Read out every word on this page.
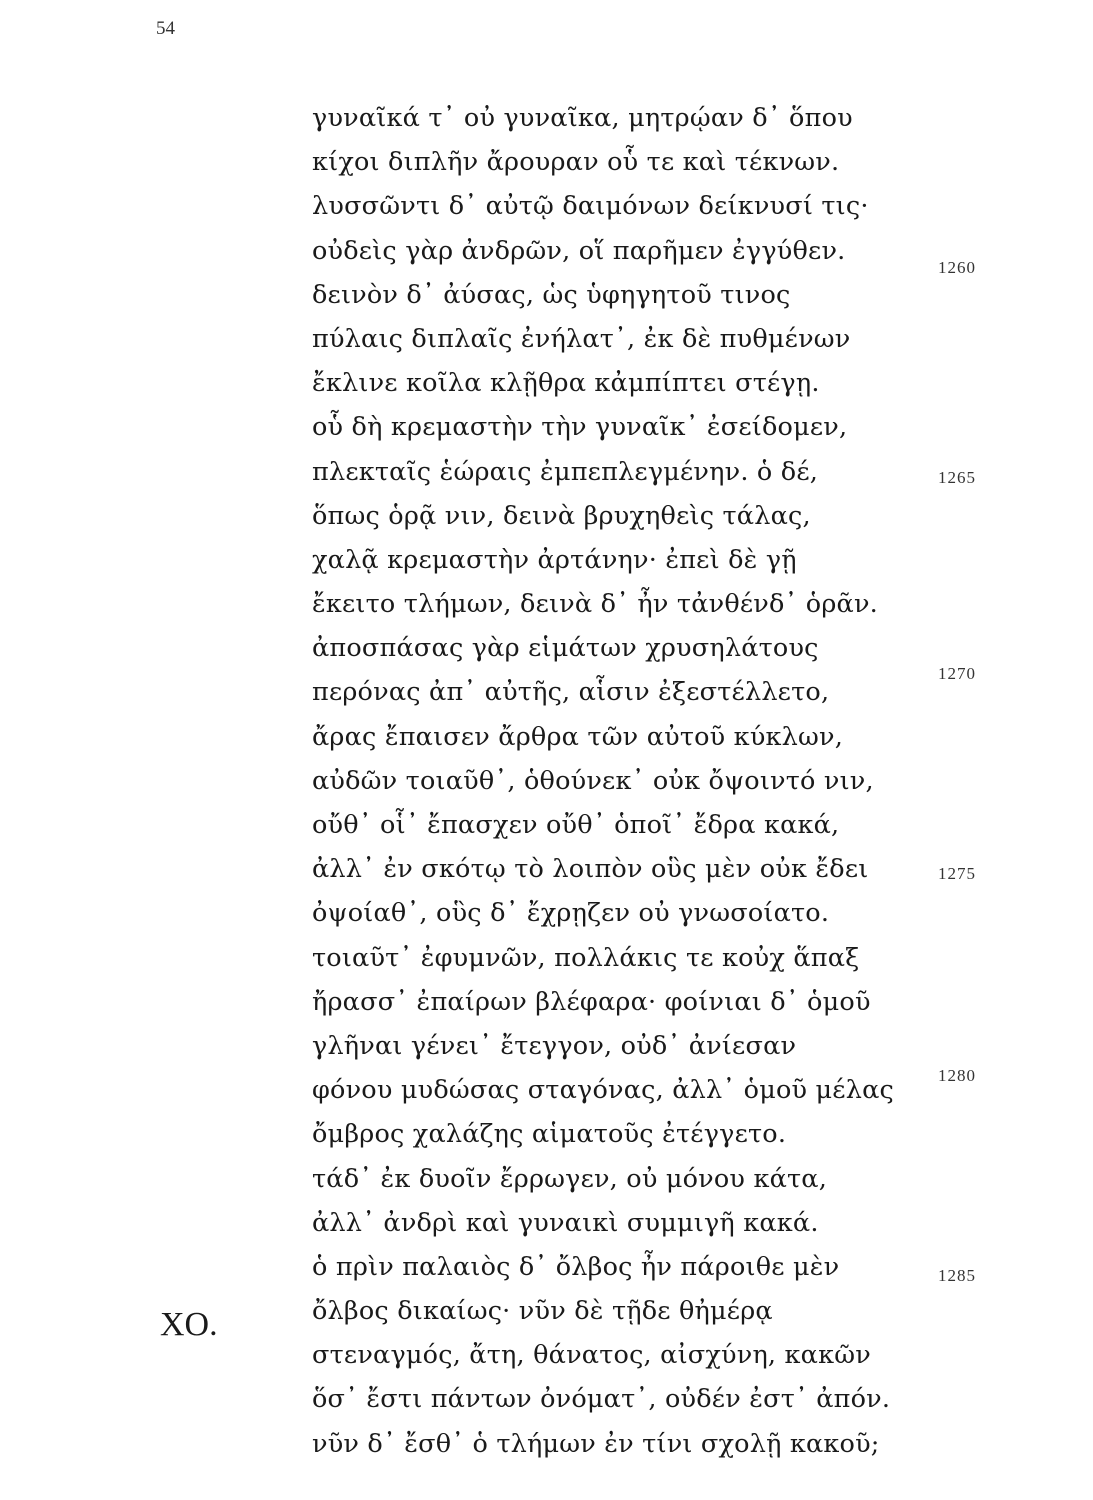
54
γυναῖκά τ᾽ οὐ γυναῖκα, μητρῴαν δ᾽ ὅπου
κίχοι διπλῆν ἄρουραν οὗ τε καὶ τέκνων.
λυσσῶντι δ᾽ αὐτῷ δαιμόνων δείκνυσί τις·
οὐδεὶς γὰρ ἀνδρῶν, οἵ παρῆμεν ἐγγύθεν.
δεινὸν δ᾽ ἀύσας, ὡς ὑφηγητοῦ τινος
πύλαις διπλαῖς ἐνήλατ᾽, ἐκ δὲ πυθμένων
ἔκλινε κοῖλα κλῇθρα κἀμπίπτει στέγῃ.
οὗ δὴ κρεμαστὴν τὴν γυναῖκ᾽ ἐσείδομεν,
πλεκταῖς ἑώραις ἐμπεπλεγμένην. ὁ δέ,
ὅπως ὁρᾷ νιν, δεινὰ βρυχηθεὶς τάλας,
χαλᾷ κρεμαστὴν ἀρτάνην· ἐπεὶ δὲ γῇ
ἔκειτο τλήμων, δεινὰ δ᾽ ἦν τἀνθένδ᾽ ὁρᾶν.
ἀποσπάσας γὰρ εἱμάτων χρυσηλάτους
περόνας ἀπ᾽ αὐτῆς, αἷσιν ἐξεστέλλετο,
ἄρας ἔπαισεν ἄρθρα τῶν αὐτοῦ κύκλων,
αὐδῶν τοιαῦθ᾽, ὁθούνεκ᾽ οὐκ ὄψοιντό νιν,
οὔθ᾽ οἷ᾽ ἔπασχεν οὔθ᾽ ὁποῖ᾽ ἔδρα κακά,
ἀλλ᾽ ἐν σκότῳ τὸ λοιπὸν οὓς μὲν οὐκ ἔδει
ὀψοίαθ᾽, οὓς δ᾽ ἔχρῃζεν οὐ γνωσοίατο.
τοιαῦτ᾽ ἐφυμνῶν, πολλάκις τε κοὐχ ἅπαξ
ἤρασσ᾽ ἐπαίρων βλέφαρα· φοίνιαι δ᾽ ὁμοῦ
γλῆναι γένει᾽ ἔτεγγον, οὐδ᾽ ἀνίεσαν
φόνου μυδώσας σταγόνας, ἀλλ᾽ ὁμοῦ μέλας
ὄμβρος χαλάζης αἱματοῦς ἐτέγγετο.
τάδ᾽ ἐκ δυοῖν ἔρρωγεν, οὐ μόνου κάτα,
ἀλλ᾽ ἀνδρὶ καὶ γυναικὶ συμμιγῆ κακά.
ὁ πρὶν παλαιὸς δ᾽ ὄλβος ἦν πάροιθε μὲν
ὄλβος δικαίως· νῦν δὲ τῇδε θἠμέρᾳ
στεναγμός, ἄτη, θάνατος, αἰσχύνη, κακῶν
ὅσ᾽ ἔστι πάντων ὀνόματ᾽, οὐδέν ἐστ᾽ ἀπόν.
νῦν δ᾽ ἔσθ᾽ ὁ τλήμων ἐν τίνι σχολῇ κακοῦ;
1260
1265
1270
1275
1280
1285
ΧΟ.
